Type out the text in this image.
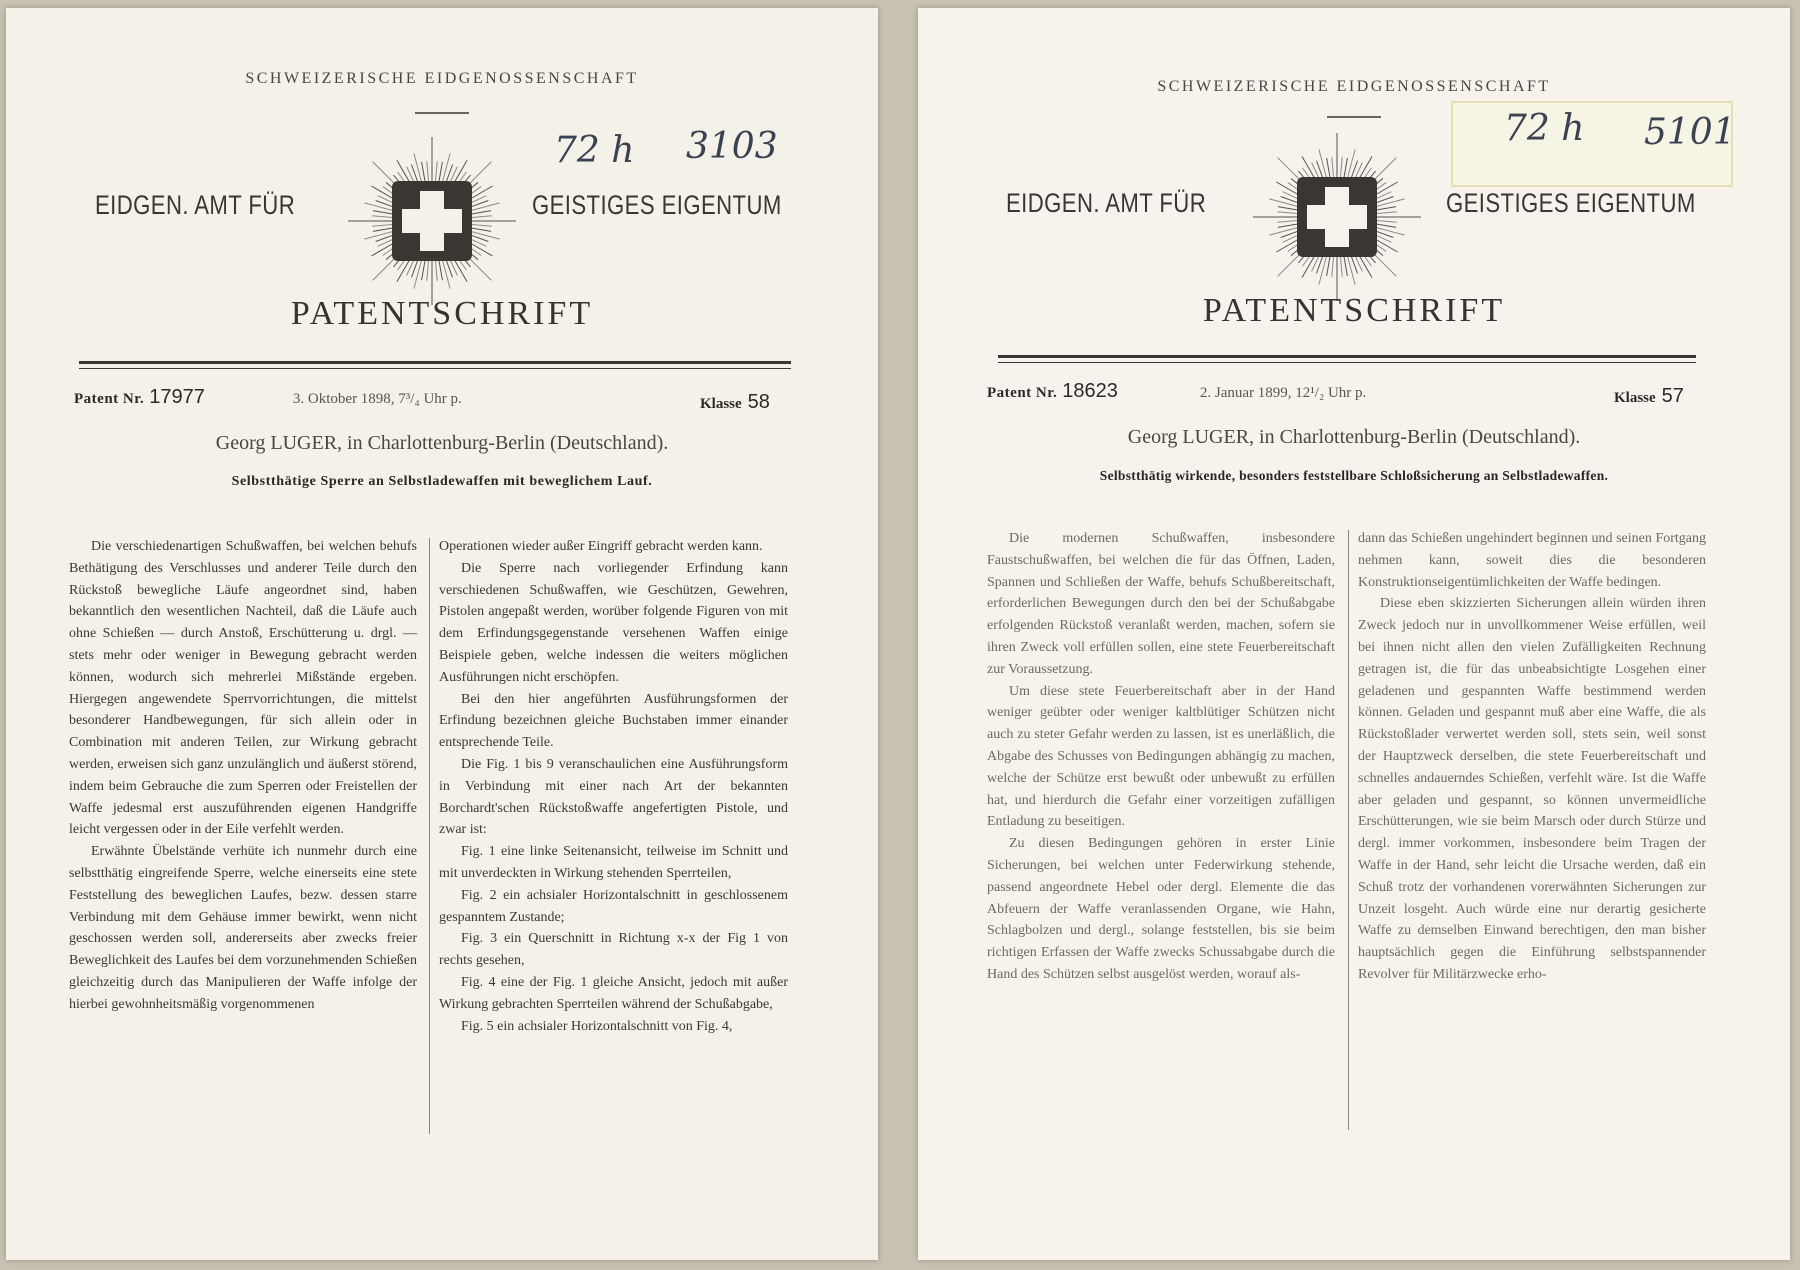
SCHWEIZERISCHE EIDGENOSSENSCHAFT
72 h 3103
EIDGEN. AMT FÜR	GEISTIGES EIGENTUM
PATENTSCHRIFT
Patent Nr. 17977	3. Oktober 1898, 7³/₄ Uhr p.	Klasse 58
Georg LUGER, in Charlottenburg-Berlin (Deutschland).
Selbstthätige Sperre an Selbstladewaffen mit beweglichem Lauf.

Die verschiedenartigen Schußwaffen, bei welchen behufs Bethätigung des Verschlusses und anderer Teile durch den Rückstoß bewegliche Läufe angeordnet sind, haben bekanntlich den wesentlichen Nachteil, daß die Läufe auch ohne Schießen — durch Anstoß, Erschütterung u. drgl. — stets mehr oder weniger in Bewegung gebracht werden können, wodurch sich mehrerlei Mißstände ergeben. Hiergegen angewendete Sperrvorrichtungen, die mittelst besonderer Handbewegungen, für sich allein oder in Combination mit anderen Teilen, zur Wirkung gebracht werden, erweisen sich ganz unzulänglich und äußerst störend, indem beim Gebrauche die zum Sperren oder Freistellen der Waffe jedesmal erst auszuführenden eigenen Handgriffe leicht vergessen oder in der Eile verfehlt werden.

Erwähnte Übelstände verhüte ich nunmehr durch eine selbstthätig eingreifende Sperre, welche einerseits eine stete Feststellung des beweglichen Laufes, bezw. dessen starre Verbindung mit dem Gehäuse immer bewirkt, wenn nicht geschossen werden soll, andererseits aber zwecks freier Beweglichkeit des Laufes bei dem vorzunehmenden Schießen gleichzeitig durch das Manipulieren der Waffe infolge der hierbei gewohnheitsmäßig vorgenommenen

Operationen wieder außer Eingriff gebracht werden kann.

Die Sperre nach vorliegender Erfindung kann verschiedenen Schußwaffen, wie Geschützen, Gewehren, Pistolen angepaßt werden, worüber folgende Figuren von mit dem Erfindungsgegenstande versehenen Waffen einige Beispiele geben, welche indessen die weiters möglichen Ausführungen nicht erschöpfen.

Bei den hier angeführten Ausführungsformen der Erfindung bezeichnen gleiche Buchstaben immer einander entsprechende Teile.

Die Fig. 1 bis 9 veranschaulichen eine Ausführungsform in Verbindung mit einer nach Art der bekannten Borchardt'schen Rückstoßwaffe angefertigten Pistole, und zwar ist:

Fig. 1 eine linke Seitenansicht, teilweise im Schnitt und mit unverdeckten in Wirkung stehenden Sperrteilen,

Fig. 2 ein achsialer Horizontalschnitt in geschlossenem gespanntem Zustande;

Fig. 3 ein Querschnitt in Richtung x-x der Fig 1 von rechts gesehen,

Fig. 4 eine der Fig. 1 gleiche Ansicht, jedoch mit außer Wirkung gebrachten Sperrteilen während der Schußabgabe,

Fig. 5 ein achsialer Horizontalschnitt von Fig. 4,

SCHWEIZERISCHE EIDGENOSSENSCHAFT
72 h 5101
EIDGEN. AMT FÜR	GEISTIGES EIGENTUM
PATENTSCHRIFT
Patent Nr. 18623	2. Januar 1899, 12¹/₂ Uhr p.	Klasse 57
Georg LUGER, in Charlottenburg-Berlin (Deutschland).
Selbstthätig wirkende, besonders feststellbare Schloßsicherung an Selbstladewaffen.

Die modernen Schußwaffen, insbesondere Faustschußwaffen, bei welchen die für das Öffnen, Laden, Spannen und Schließen der Waffe, behufs Schußbereitschaft, erforderlichen Bewegungen durch den bei der Schußabgabe erfolgenden Rückstoß veranlaßt werden, machen, sofern sie ihren Zweck voll erfüllen sollen, eine stete Feuerbereitschaft zur Voraussetzung.

Um diese stete Feuerbereitschaft aber in der Hand weniger geübter oder weniger kaltblütiger Schützen nicht auch zu steter Gefahr werden zu lassen, ist es unerläßlich, die Abgabe des Schusses von Bedingungen abhängig zu machen, welche der Schütze erst bewußt oder unbewußt zu erfüllen hat, und hierdurch die Gefahr einer vorzeitigen zufälligen Entladung zu beseitigen.

Zu diesen Bedingungen gehören in erster Linie Sicherungen, bei welchen unter Federwirkung stehende, passend angeordnete Hebel oder dergl. Elemente die das Abfeuern der Waffe veranlassenden Organe, wie Hahn, Schlagbolzen und dergl., solange feststellen, bis sie beim richtigen Erfassen der Waffe zwecks Schussabgabe durch die Hand des Schützen selbst ausgelöst werden, worauf als-

dann das Schießen ungehindert beginnen und seinen Fortgang nehmen kann, soweit dies die besonderen Konstruktionseigentümlichkeiten der Waffe bedingen.

Diese eben skizzierten Sicherungen allein würden ihren Zweck jedoch nur in unvollkommener Weise erfüllen, weil bei ihnen nicht allen den vielen Zufälligkeiten Rechnung getragen ist, die für das unbeabsichtigte Losgehen einer geladenen und gespannten Waffe bestimmend werden können. Geladen und gespannt muß aber eine Waffe, die als Rückstoßlader verwertet werden soll, stets sein, weil sonst der Hauptzweck derselben, die stete Feuerbereitschaft und schnelles andauerndes Schießen, verfehlt wäre. Ist die Waffe aber geladen und gespannt, so können unvermeidliche Erschütterungen, wie sie beim Marsch oder durch Stürze und dergl. immer vorkommen, insbesondere beim Tragen der Waffe in der Hand, sehr leicht die Ursache werden, daß ein Schuß trotz der vorhandenen vorerwähnten Sicherungen zur Unzeit losgeht. Auch würde eine nur derartig gesicherte Waffe zu demselben Einwand berechtigen, den man bisher hauptsächlich gegen die Einführung selbstspannender Revolver für Militärzwecke erho-
